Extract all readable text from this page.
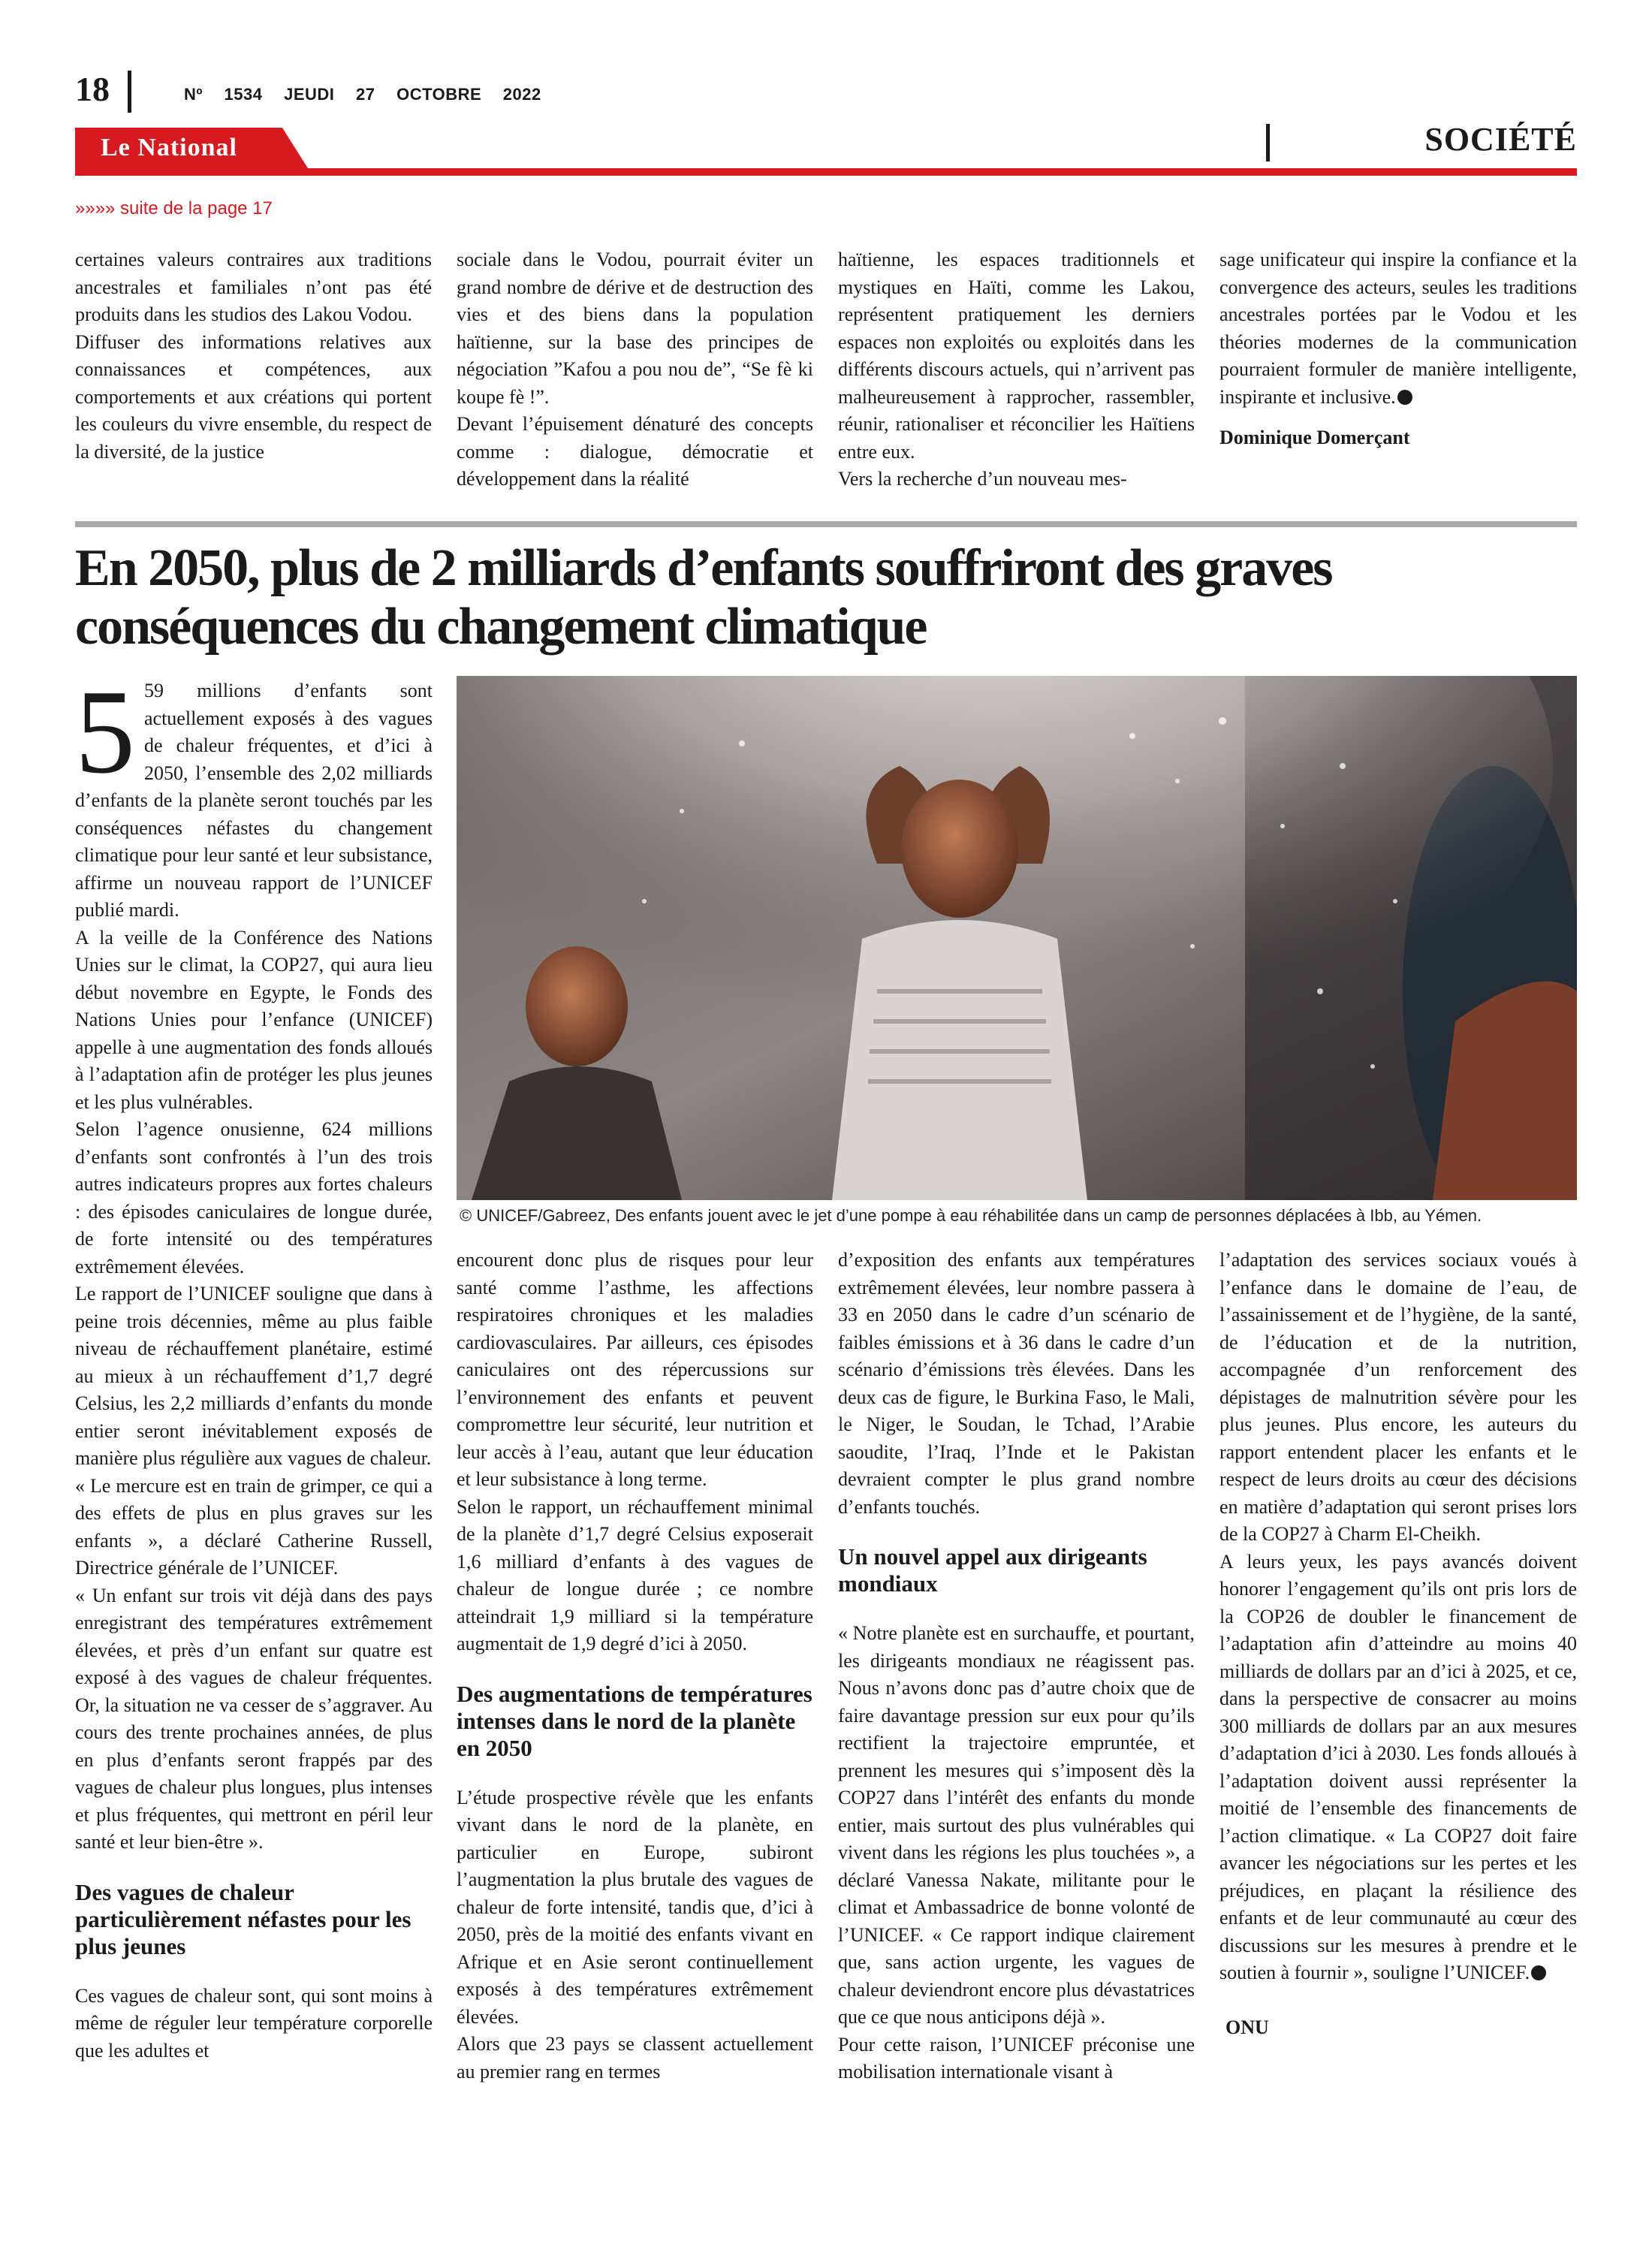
18	Nº 1534 JEUDI 27 OCTOBRE 2022
Le National	SOCIÉTÉ
»»»» suite de la page 17

certaines valeurs contraires aux traditions ancestrales et familiales n’ont pas été produits dans les studios des Lakou Vodou.

Diffuser des informations relatives aux connaissances et compétences, aux comportements et aux créations qui portent les couleurs du vivre ensemble, du respect de la diversité, de la justice

sociale dans le Vodou, pourrait éviter un grand nombre de dérive et de destruction des vies et des biens dans la population haïtienne, sur la base des principes de négociation ”Kafou a pou nou de”, “Se fè ki koupe fè !”.

Devant l’épuisement dénaturé des concepts comme : dialogue, démocratie et développement dans la réalité

haïtienne, les espaces traditionnels et mystiques en Haïti, comme les Lakou, représentent pratiquement les derniers espaces non exploités ou exploités dans les différents discours actuels, qui n’arrivent pas malheureusement à rapprocher, rassembler, réunir, rationaliser et réconcilier les Haïtiens entre eux.

Vers la recherche d’un nouveau mes-

sage unificateur qui inspire la confiance et la convergence des acteurs, seules les traditions ancestrales portées par le Vodou et les théories modernes de la communication pourraient formuler de manière intelligente, inspirante et inclusive.

Dominique Domerçant

En 2050, plus de 2 milliards d’enfants souffriront des graves conséquences du changement climatique
© UNICEF/Gabreez, Des enfants jouent avec le jet d’une pompe à eau réhabilitée dans un camp de personnes déplacées à Ibb, au Yémen.

5 59 millions d’enfants sont actuellement exposés à des vagues de chaleur fréquentes, et d’ici à 2050, l’ensemble des 2,02 milliards d’enfants de la planète seront touchés par les conséquences néfastes du changement climatique pour leur santé et leur subsistance, affirme un nouveau rapport de l’UNICEF publié mardi.

A la veille de la Conférence des Nations Unies sur le climat, la COP27, qui aura lieu début novembre en Egypte, le Fonds des Nations Unies pour l’enfance (UNICEF) appelle à une augmentation des fonds alloués à l’adaptation afin de protéger les plus jeunes et les plus vulnérables.

Selon l’agence onusienne, 624 millions d’enfants sont confrontés à l’un des trois autres indicateurs propres aux fortes chaleurs : des épisodes caniculaires de longue durée, de forte intensité ou des températures extrêmement élevées.

Le rapport de l’UNICEF souligne que dans à peine trois décennies, même au plus faible niveau de réchauffement planétaire, estimé au mieux à un réchauffement d’1,7 degré Celsius, les 2,2 milliards d’enfants du monde entier seront inévitablement exposés de manière plus régulière aux vagues de chaleur.

« Le mercure est en train de grimper, ce qui a des effets de plus en plus graves sur les enfants », a déclaré Catherine Russell, Directrice générale de l’UNICEF.

« Un enfant sur trois vit déjà dans des pays enregistrant des températures extrêmement élevées, et près d’un enfant sur quatre est exposé à des vagues de chaleur fréquentes. Or, la situation ne va cesser de s’aggraver. Au cours des trente prochaines années, de plus en plus d’enfants seront frappés par des vagues de chaleur plus longues, plus intenses et plus fréquentes, qui mettront en péril leur santé et leur bien-être ».

Des vagues de chaleur particulièrement néfastes pour les plus jeunes

Ces vagues de chaleur sont, qui sont moins à même de réguler leur température corporelle que les adultes et

encourent donc plus de risques pour leur santé comme l’asthme, les affections respiratoires chroniques et les maladies cardiovasculaires. Par ailleurs, ces épisodes caniculaires ont des répercussions sur l’environnement des enfants et peuvent compromettre leur sécurité, leur nutrition et leur accès à l’eau, autant que leur éducation et leur subsistance à long terme.

Selon le rapport, un réchauffement minimal de la planète d’1,7 degré Celsius exposerait 1,6 milliard d’enfants à des vagues de chaleur de longue durée ; ce nombre atteindrait 1,9 milliard si la température augmentait de 1,9 degré d’ici à 2050.

Des augmentations de températures intenses dans le nord de la planète en 2050

L’étude prospective révèle que les enfants vivant dans le nord de la planète, en particulier en Europe, subiront l’augmentation la plus brutale des vagues de chaleur de forte intensité, tandis que, d’ici à 2050, près de la moitié des enfants vivant en Afrique et en Asie seront continuellement exposés à des températures extrêmement élevées.

Alors que 23 pays se classent actuellement au premier rang en termes

d’exposition des enfants aux températures extrêmement élevées, leur nombre passera à 33 en 2050 dans le cadre d’un scénario de faibles émissions et à 36 dans le cadre d’un scénario d’émissions très élevées. Dans les deux cas de figure, le Burkina Faso, le Mali, le Niger, le Soudan, le Tchad, l’Arabie saoudite, l’Iraq, l’Inde et le Pakistan devraient compter le plus grand nombre d’enfants touchés.

Un nouvel appel aux dirigeants mondiaux

« Notre planète est en surchauffe, et pourtant, les dirigeants mondiaux ne réagissent pas. Nous n’avons donc pas d’autre choix que de faire davantage pression sur eux pour qu’ils rectifient la trajectoire empruntée, et prennent les mesures qui s’imposent dès la COP27 dans l’intérêt des enfants du monde entier, mais surtout des plus vulnérables qui vivent dans les régions les plus touchées », a déclaré Vanessa Nakate, militante pour le climat et Ambassadrice de bonne volonté de l’UNICEF. « Ce rapport indique clairement que, sans action urgente, les vagues de chaleur deviendront encore plus dévastatrices que ce que nous anticipons déjà ».

Pour cette raison, l’UNICEF préconise une mobilisation internationale visant à

l’adaptation des services sociaux voués à l’enfance dans le domaine de l’eau, de l’assainissement et de l’hygiène, de la santé, de l’éducation et de la nutrition, accompagnée d’un renforcement des dépistages de malnutrition sévère pour les plus jeunes. Plus encore, les auteurs du rapport entendent placer les enfants et le respect de leurs droits au cœur des décisions en matière d’adaptation qui seront prises lors de la COP27 à Charm El-Cheikh.

A leurs yeux, les pays avancés doivent honorer l’engagement qu’ils ont pris lors de la COP26 de doubler le financement de l’adaptation afin d’atteindre au moins 40 milliards de dollars par an d’ici à 2025, et ce, dans la perspective de consacrer au moins 300 milliards de dollars par an aux mesures d’adaptation d’ici à 2030. Les fonds alloués à l’adaptation doivent aussi représenter la moitié de l’ensemble des financements de l’action climatique. « La COP27 doit faire avancer les négociations sur les pertes et les préjudices, en plaçant la résilience des enfants et de leur communauté au cœur des discussions sur les mesures à prendre et le soutien à fournir », souligne l’UNICEF.

ONU
